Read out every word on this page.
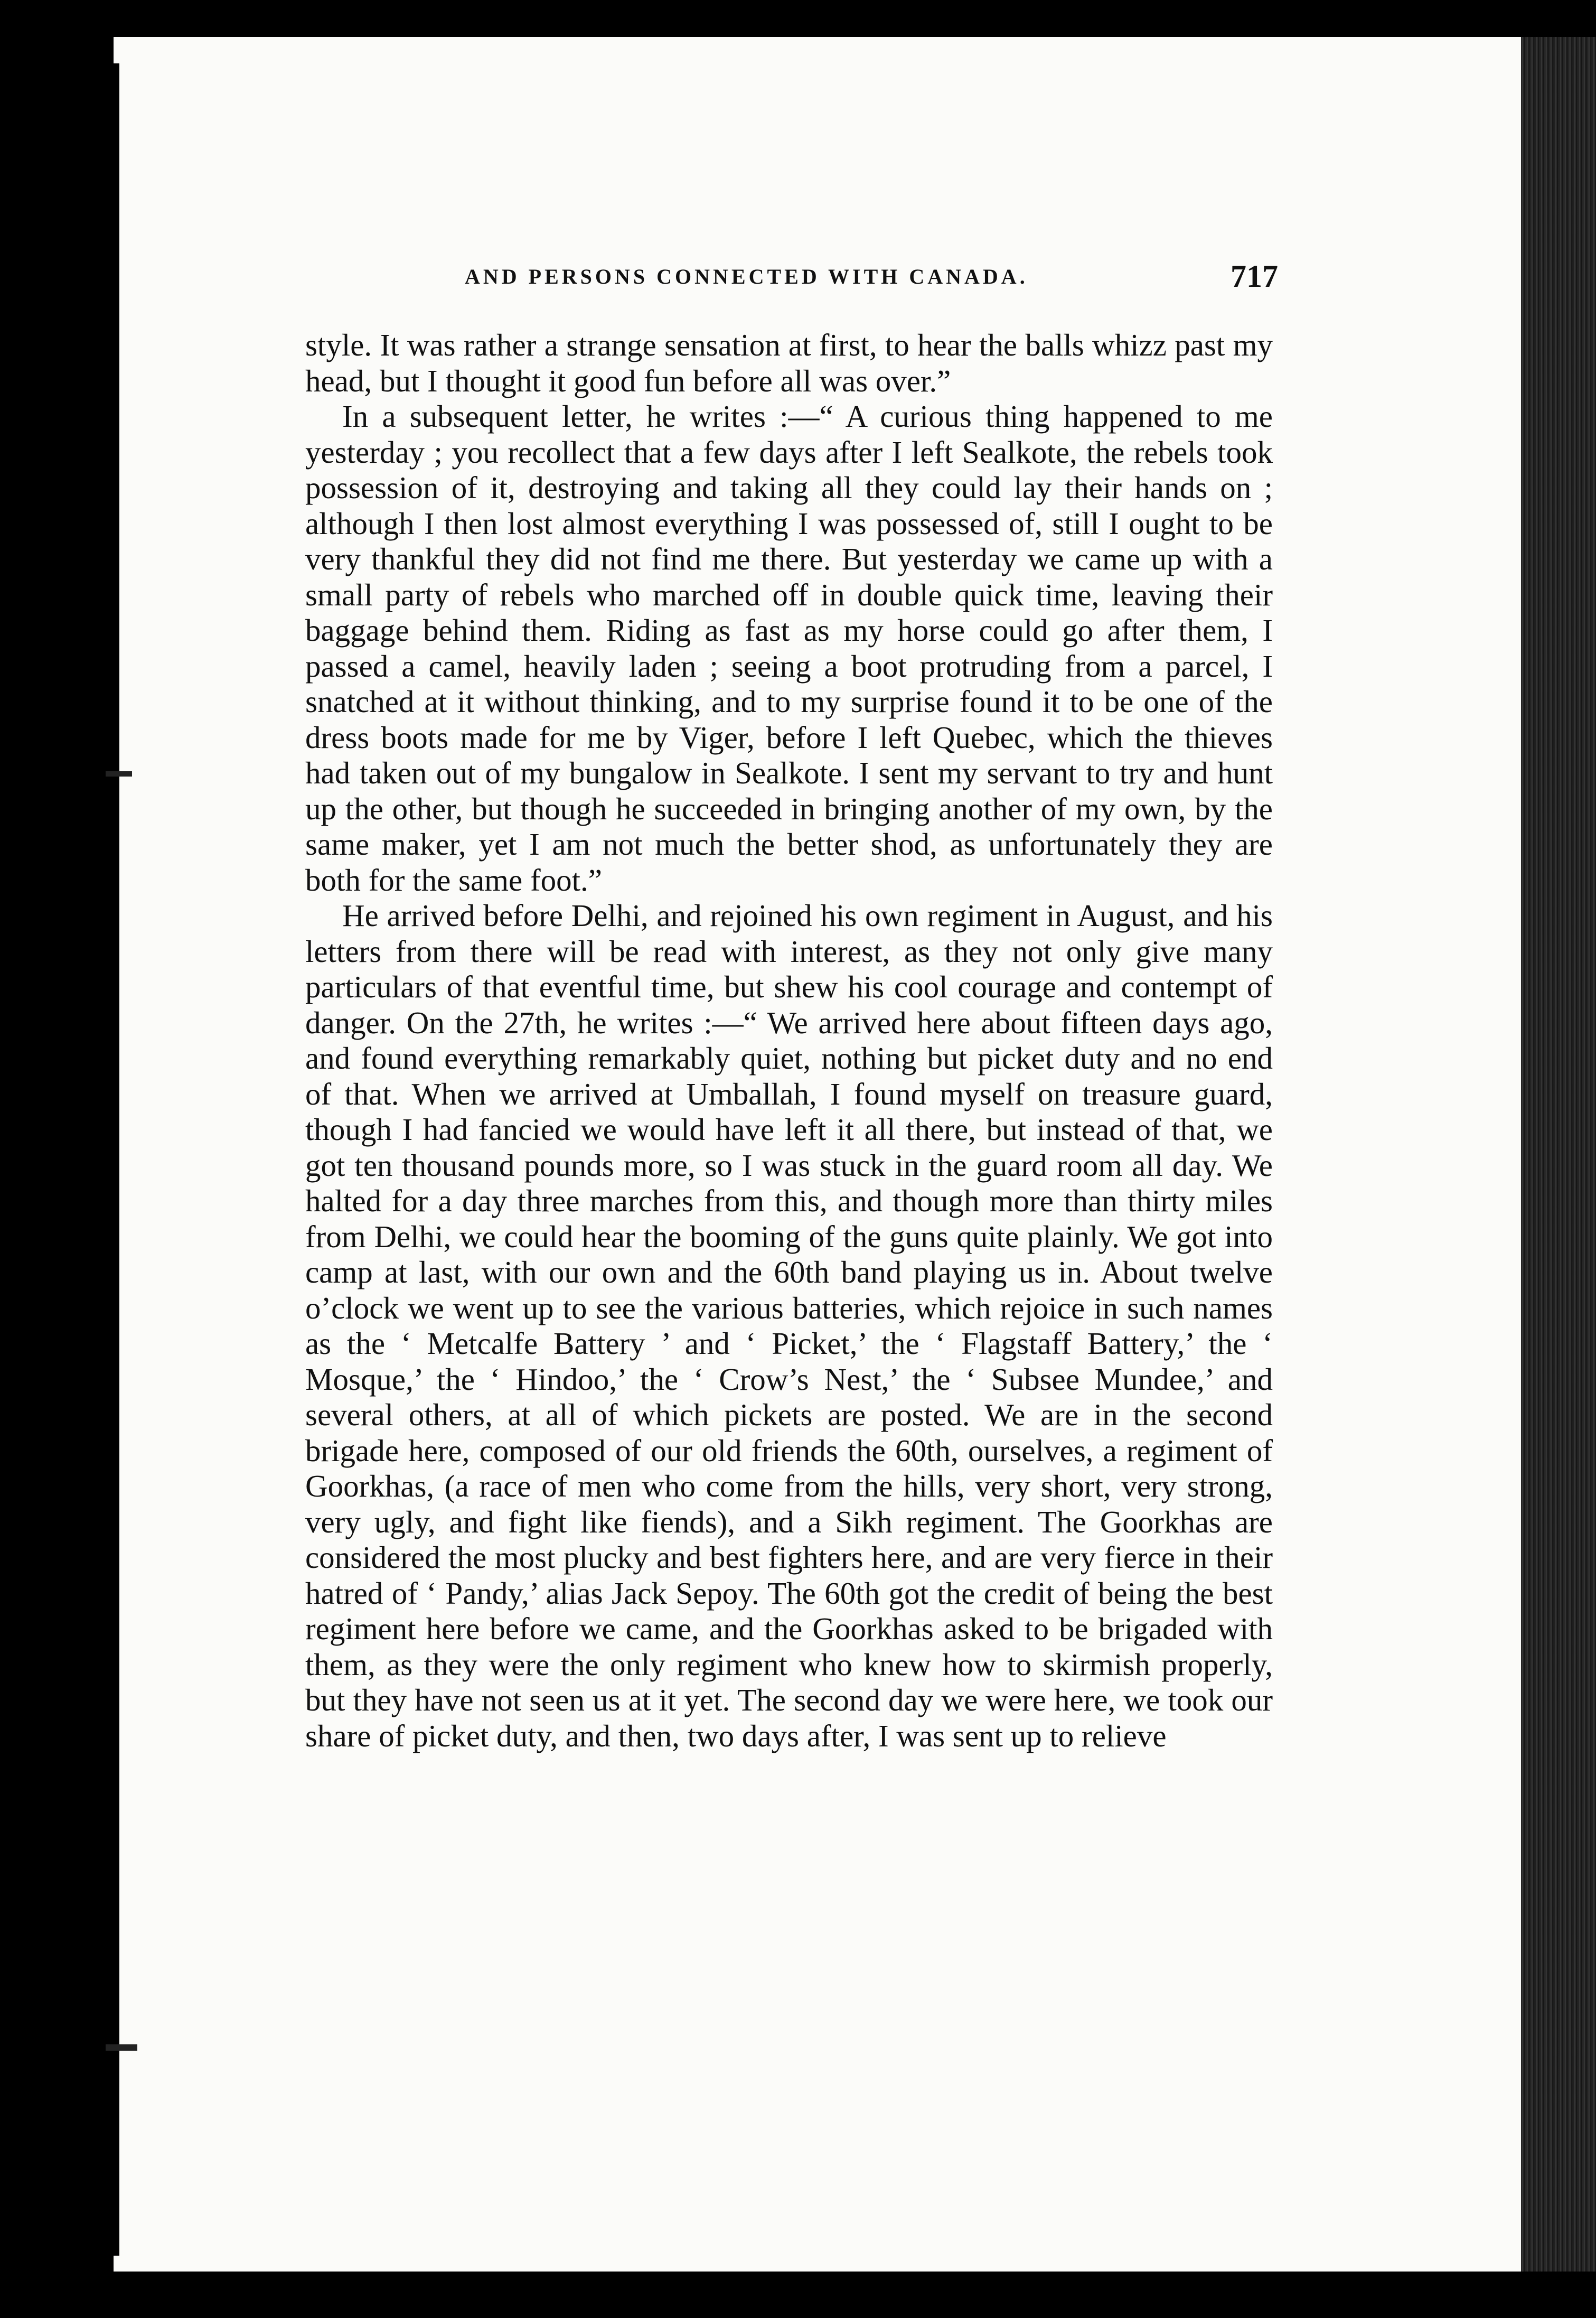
AND PERSONS CONNECTED WITH CANADA.	717

style. It was rather a strange sensation at first, to hear the balls whizz past my head, but I thought it good fun before all was over.”

In a subsequent letter, he writes :—“ A curious thing happened to me yesterday ; you recollect that a few days after I left Sealkote, the rebels took possession of it, destroying and taking all they could lay their hands on ; although I then lost almost everything I was possessed of, still I ought to be very thankful they did not find me there. But yesterday we came up with a small party of rebels who marched off in double quick time, leaving their baggage behind them. Riding as fast as my horse could go after them, I passed a camel, heavily laden ; seeing a boot protruding from a parcel, I snatched at it without thinking, and to my surprise found it to be one of the dress boots made for me by Viger, before I left Quebec, which the thieves had taken out of my bungalow in Sealkote. I sent my servant to try and hunt up the other, but though he succeeded in bringing another of my own, by the same maker, yet I am not much the better shod, as unfortunately they are both for the same foot.”

He arrived before Delhi, and rejoined his own regiment in August, and his letters from there will be read with interest, as they not only give many particulars of that eventful time, but shew his cool courage and contempt of danger. On the 27th, he writes :—“ We arrived here about fifteen days ago, and found everything remarkably quiet, nothing but picket duty and no end of that. When we arrived at Umballah, I found myself on treasure guard, though I had fancied we would have left it all there, but instead of that, we got ten thousand pounds more, so I was stuck in the guard room all day. We halted for a day three marches from this, and though more than thirty miles from Delhi, we could hear the booming of the guns quite plainly. We got into camp at last, with our own and the 60th band playing us in. About twelve o’clock we went up to see the various batteries, which rejoice in such names as the ‘ Metcalfe Battery ’ and ‘ Picket,’ the ‘ Flagstaff Battery,’ the ‘ Mosque,’ the ‘ Hindoo,’ the ‘ Crow’s Nest,’ the ‘ Subsee Mundee,’ and several others, at all of which pickets are posted. We are in the second brigade here, composed of our old friends the 60th, ourselves, a regiment of Goorkhas, (a race of men who come from the hills, very short, very strong, very ugly, and fight like fiends), and a Sikh regiment. The Goorkhas are considered the most plucky and best fighters here, and are very fierce in their hatred of ‘ Pandy,’ alias Jack Sepoy. The 60th got the credit of being the best regiment here before we came, and the Goorkhas asked to be brigaded with them, as they were the only regiment who knew how to skirmish properly, but they have not seen us at it yet. The second day we were here, we took our share of picket duty, and then, two days after, I was sent up to relieve
